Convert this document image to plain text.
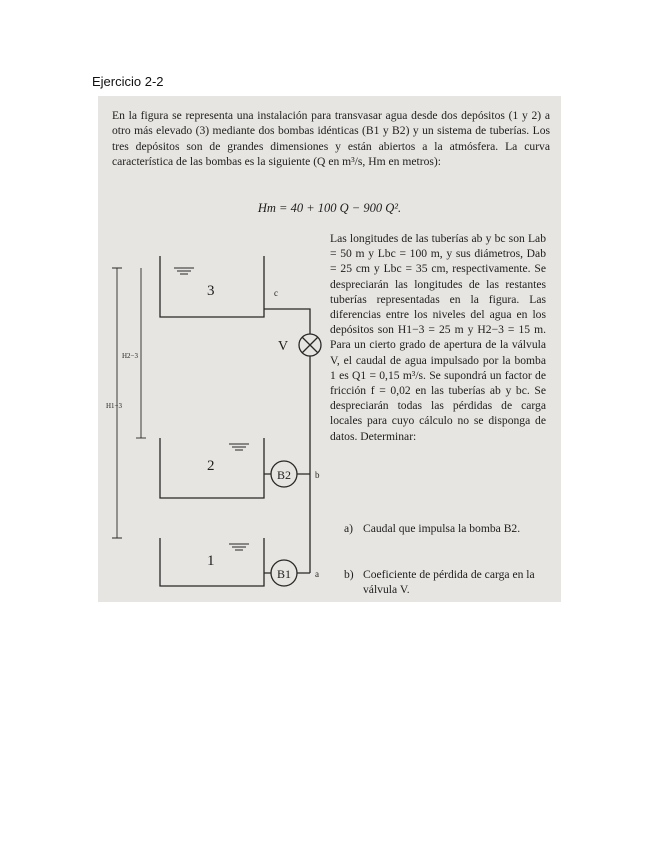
Ejercicio 2-2
En la figura se representa una instalación para transvasar agua desde dos depósitos (1 y 2) a otro más elevado (3) mediante dos bombas idénticas (B1 y B2) y un sistema de tuberías. Los tres depósitos son de grandes dimensiones y están abiertos a la atmósfera. La curva característica de las bombas es la siguiente (Q en m³/s, Hm en metros):
Hm = 40 + 100 Q − 900 Q².
3
2
1
B2
B1
V
c
b
a
H2−3
H1−3
Las longitudes de las tuberías ab y bc son Lab = 50 m y Lbc = 100 m, y sus diámetros, Dab = 25 cm y Lbc = 35 cm, respectivamente. Se despreciarán las longitudes de las restantes tuberías representadas en la figura. Las diferencias entre los niveles del agua en los depósitos son H1−3 = 25 m y H2−3 = 15 m. Para un cierto grado de apertura de la válvula V, el caudal de agua impulsado por la bomba 1 es Q1 = 0,15 m³/s. Se supondrá un factor de fricción f = 0,02 en las tuberías ab y bc. Se despreciarán todas las pérdidas de carga locales para cuyo cálculo no se disponga de datos. Determinar:
a) Caudal que impulsa la bomba B2.
b) Coeficiente de pérdida de carga en la válvula V.
